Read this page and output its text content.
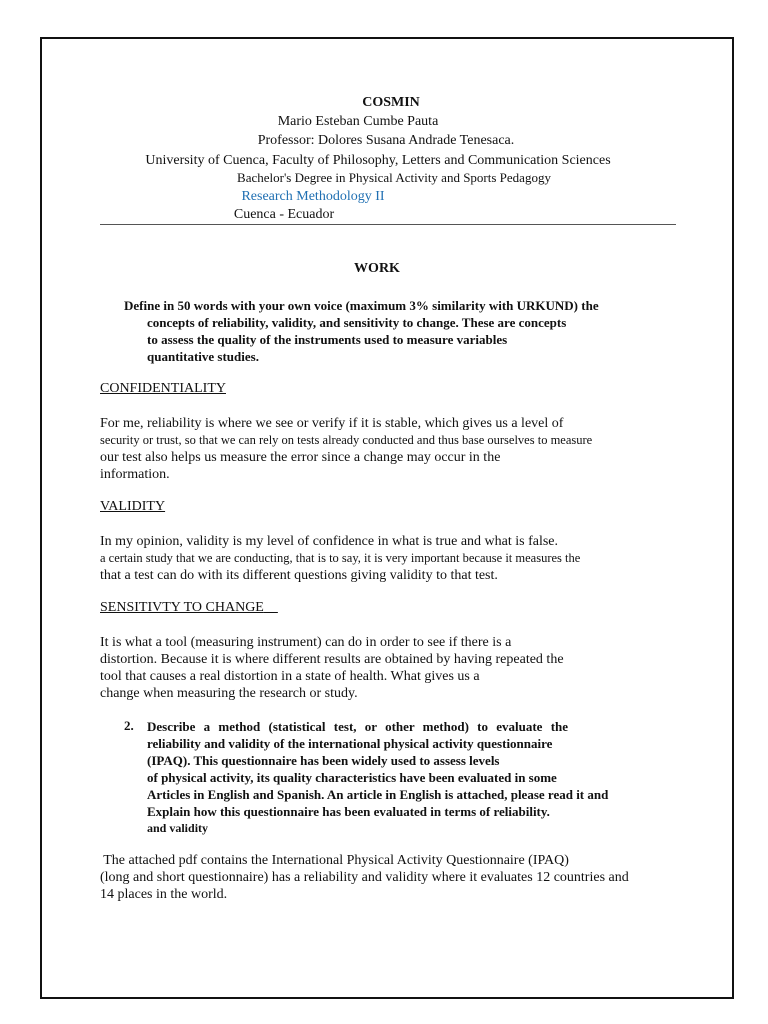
COSMIN
Mario Esteban Cumbe Pauta
Professor: Dolores Susana Andrade Tenesaca.
University of Cuenca, Faculty of Philosophy, Letters and Communication Sciences
Bachelor's Degree in Physical Activity and Sports Pedagogy
Research Methodology II
Cuenca - Ecuador
WORK
Define in 50 words with your own voice (maximum 3% similarity with URKUND) the
concepts of reliability, validity, and sensitivity to change. These are concepts
to assess the quality of the instruments used to measure variables
quantitative studies.
CONFIDENTIALITY
For me, reliability is where we see or verify if it is stable, which gives us a level of
security or trust, so that we can rely on tests already conducted and thus base ourselves to measure
our test also helps us measure the error since a change may occur in the
information.
VALIDITY
In my opinion, validity is my level of confidence in what is true and what is false.
a certain study that we are conducting, that is to say, it is very important because it measures the
that a test can do with its different questions giving validity to that test.
SENSITIVTY TO CHANGE
It is what a tool (measuring instrument) can do in order to see if there is a
distortion. Because it is where different results are obtained by having repeated the
tool that causes a real distortion in a state of health. What gives us a
change when measuring the research or study.
2. Describe a method (statistical test, or other method) to evaluate the
reliability and validity of the international physical activity questionnaire
(IPAQ). This questionnaire has been widely used to assess levels
of physical activity, its quality characteristics have been evaluated in some
Articles in English and Spanish. An article in English is attached, please read it and
Explain how this questionnaire has been evaluated in terms of reliability.
and validity
The attached pdf contains the International Physical Activity Questionnaire (IPAQ)
(long and short questionnaire) has a reliability and validity where it evaluates 12 countries and
14 places in the world.
